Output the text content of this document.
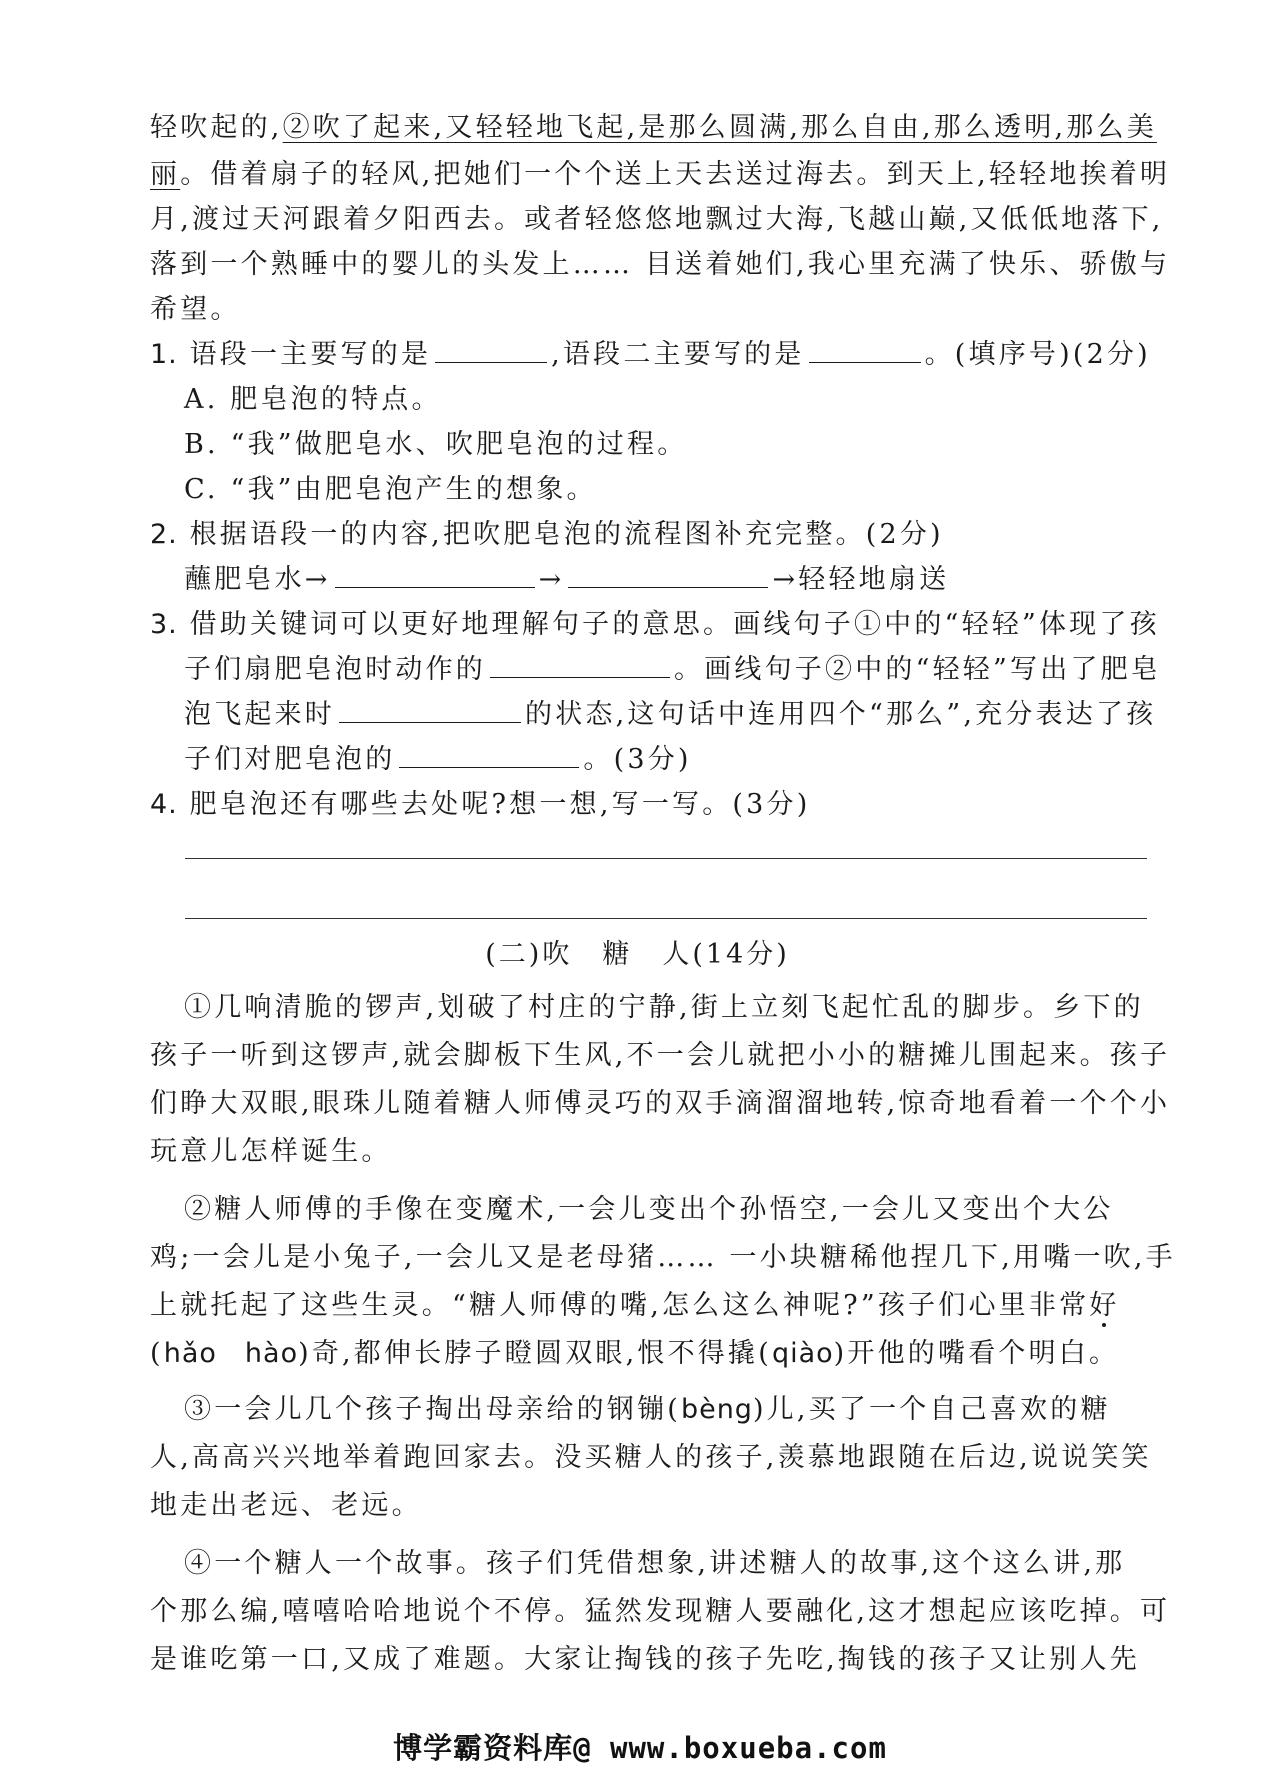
轻吹起的,②吹了起来,又轻轻地飞起,是那么圆满,那么自由,那么透明,那么美
丽。借着扇子的轻风,把她们一个个送上天去送过海去。到天上,轻轻地挨着明
月,渡过天河跟着夕阳西去。或者轻悠悠地飘过大海,飞越山巅,又低低地落下,
落到一个熟睡中的婴儿的头发上…… 目送着她们,我心里充满了快乐、骄傲与
希望。
1. 语段一主要写的是	,语段二主要写的是	。(填序号)(2分)
A. 肥皂泡的特点。
B. “我”做肥皂水、吹肥皂泡的过程。
C. “我”由肥皂泡产生的想象。
2. 根据语段一的内容,把吹肥皂泡的流程图补充完整。(2分)
蘸肥皂水→	→	→轻轻地扇送
3. 借助关键词可以更好地理解句子的意思。画线句子①中的“轻轻”体现了孩
子们扇肥皂泡时动作的	。画线句子②中的“轻轻”写出了肥皂
泡飞起来时	的状态,这句话中连用四个“那么”,充分表达了孩
子们对肥皂泡的	。(3分)
4. 肥皂泡还有哪些去处呢?想一想,写一写。(3分)
(二)吹　糖　人(14分)
①几响清脆的锣声,划破了村庄的宁静,街上立刻飞起忙乱的脚步。乡下的
孩子一听到这锣声,就会脚板下生风,不一会儿就把小小的糖摊儿围起来。孩子
们睁大双眼,眼珠儿随着糖人师傅灵巧的双手滴溜溜地转,惊奇地看着一个个小
玩意儿怎样诞生。
②糖人师傅的手像在变魔术,一会儿变出个孙悟空,一会儿又变出个大公
鸡;一会儿是小兔子,一会儿又是老母猪…… 一小块糖稀他捏几下,用嘴一吹,手
上就托起了这些生灵。“糖人师傅的嘴,怎么这么神呢?”孩子们心里非常好
(hǎo　hào)奇,都伸长脖子瞪圆双眼,恨不得撬(qiào)开他的嘴看个明白。
③一会儿几个孩子掏出母亲给的钢镚(bèng)儿,买了一个自己喜欢的糖
人,高高兴兴地举着跑回家去。没买糖人的孩子,羡慕地跟随在后边,说说笑笑
地走出老远、老远。
④一个糖人一个故事。孩子们凭借想象,讲述糖人的故事,这个这么讲,那
个那么编,嘻嘻哈哈地说个不停。猛然发现糖人要融化,这才想起应该吃掉。可
是谁吃第一口,又成了难题。大家让掏钱的孩子先吃,掏钱的孩子又让别人先
博学霸资料库@ www.boxueba.com
